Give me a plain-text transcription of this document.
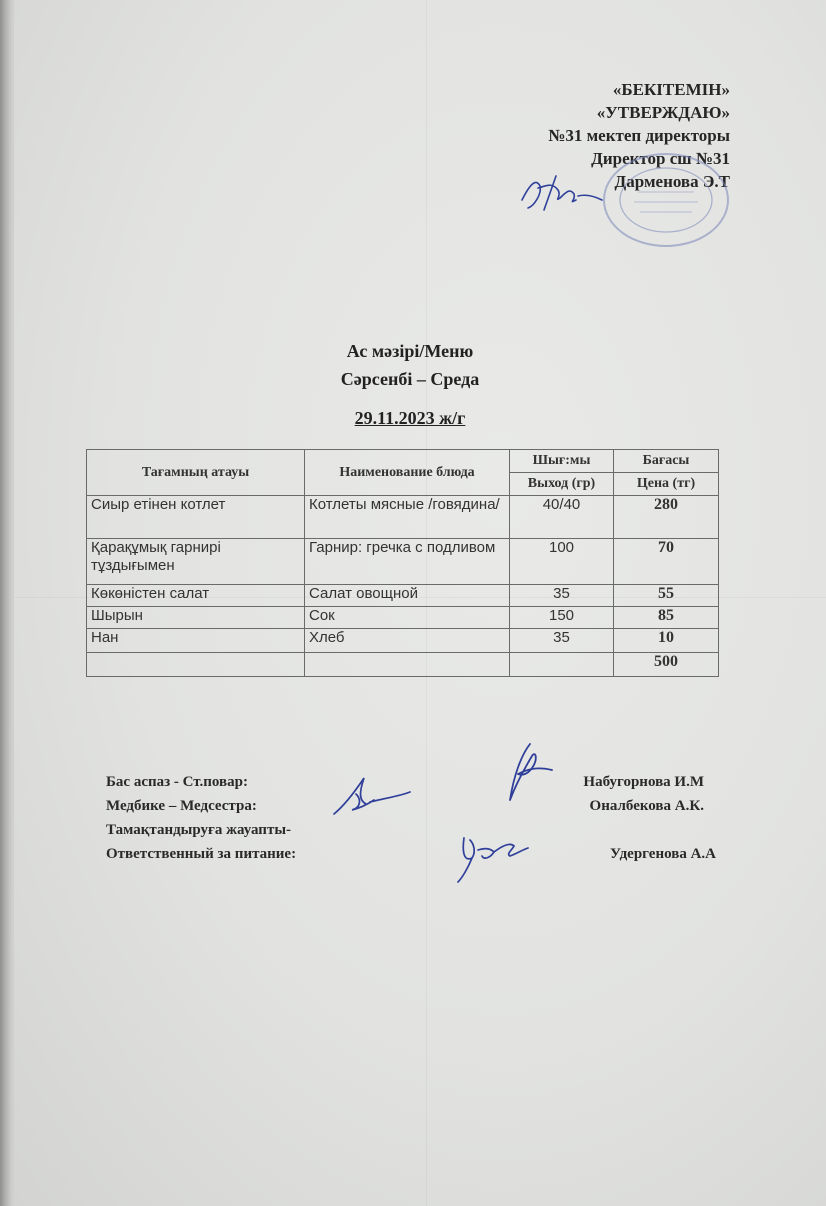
«БЕКІТЕМІН»
«УТВЕРЖДАЮ»
№31 мектеп директоры
Директор сш №31
Дарменова Э.Т
Ас мәзірі/Меню
Сәрсенбі – Среда
29.11.2023 ж/г
Тағамның атауы	Наименование блюда	Шығ:мы	Бағасы
		Выход (гр)	Цена (тг)
Сиыр етінен котлет	Котлеты мясные /говядина/	40/40	280
Қарақұмық гарнирі тұздығымен	Гарнир: гречка с подливом	100	70
Көкөністен салат	Салат овощной	35	55
Шырын	Сок	150	85
Нан	Хлеб	35	10
			500
Бас аспаз - Ст.повар:	Набугорнова И.М
Медбике – Медсестра:	Оналбекова А.К.
Тамақтандыруға жауапты-
Ответственный за питание:	Удергенова А.А
